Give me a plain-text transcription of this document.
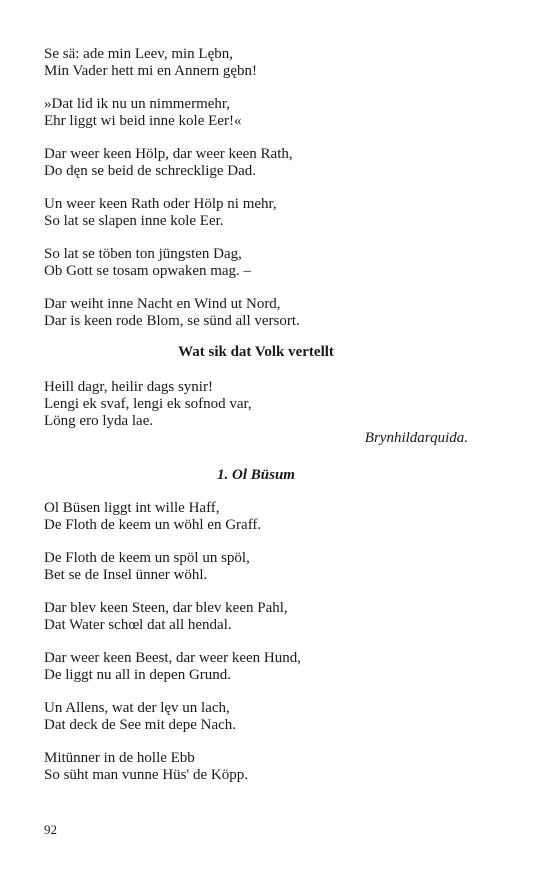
Se sä: ade min Leev, min Lębn,
Min Vader hett mi en Annern gębn!
»Dat lid ik nu un nimmermehr,
Ehr liggt wi beid inne kole Eer!«
Dar weer keen Hölp, dar weer keen Rath,
Do dęn se beid de schrecklige Dad.
Un weer keen Rath oder Hölp ni mehr,
So lat se slapen inne kole Eer.
So lat se töben ton jüngsten Dag,
Ob Gott se tosam opwaken mag. –
Dar weiht inne Nacht en Wind ut Nord,
Dar is keen rode Blom, se sünd all versort.
Wat sik dat Volk vertellt
Heill dagr, heilir dags synir!
Lengi ek svaf, lengi ek sofnod var,
Löng ero lyda lae.
Brynhildarquida.
1. Ol Büsum
Ol Büsen liggt int wille Haff,
De Floth de keem un wöhl en Graff.
De Floth de keem un spöl un spöl,
Bet se de Insel ünner wöhl.
Dar blev keen Steen, dar blev keen Pahl,
Dat Water schœl dat all hendal.
Dar weer keen Beest, dar weer keen Hund,
De liggt nu all in depen Grund.
Un Allens, wat der lęv un lach,
Dat deck de See mit depe Nach.
Mitünner in de holle Ebb
So süht man vunne Hüs' de Köpp.
92
